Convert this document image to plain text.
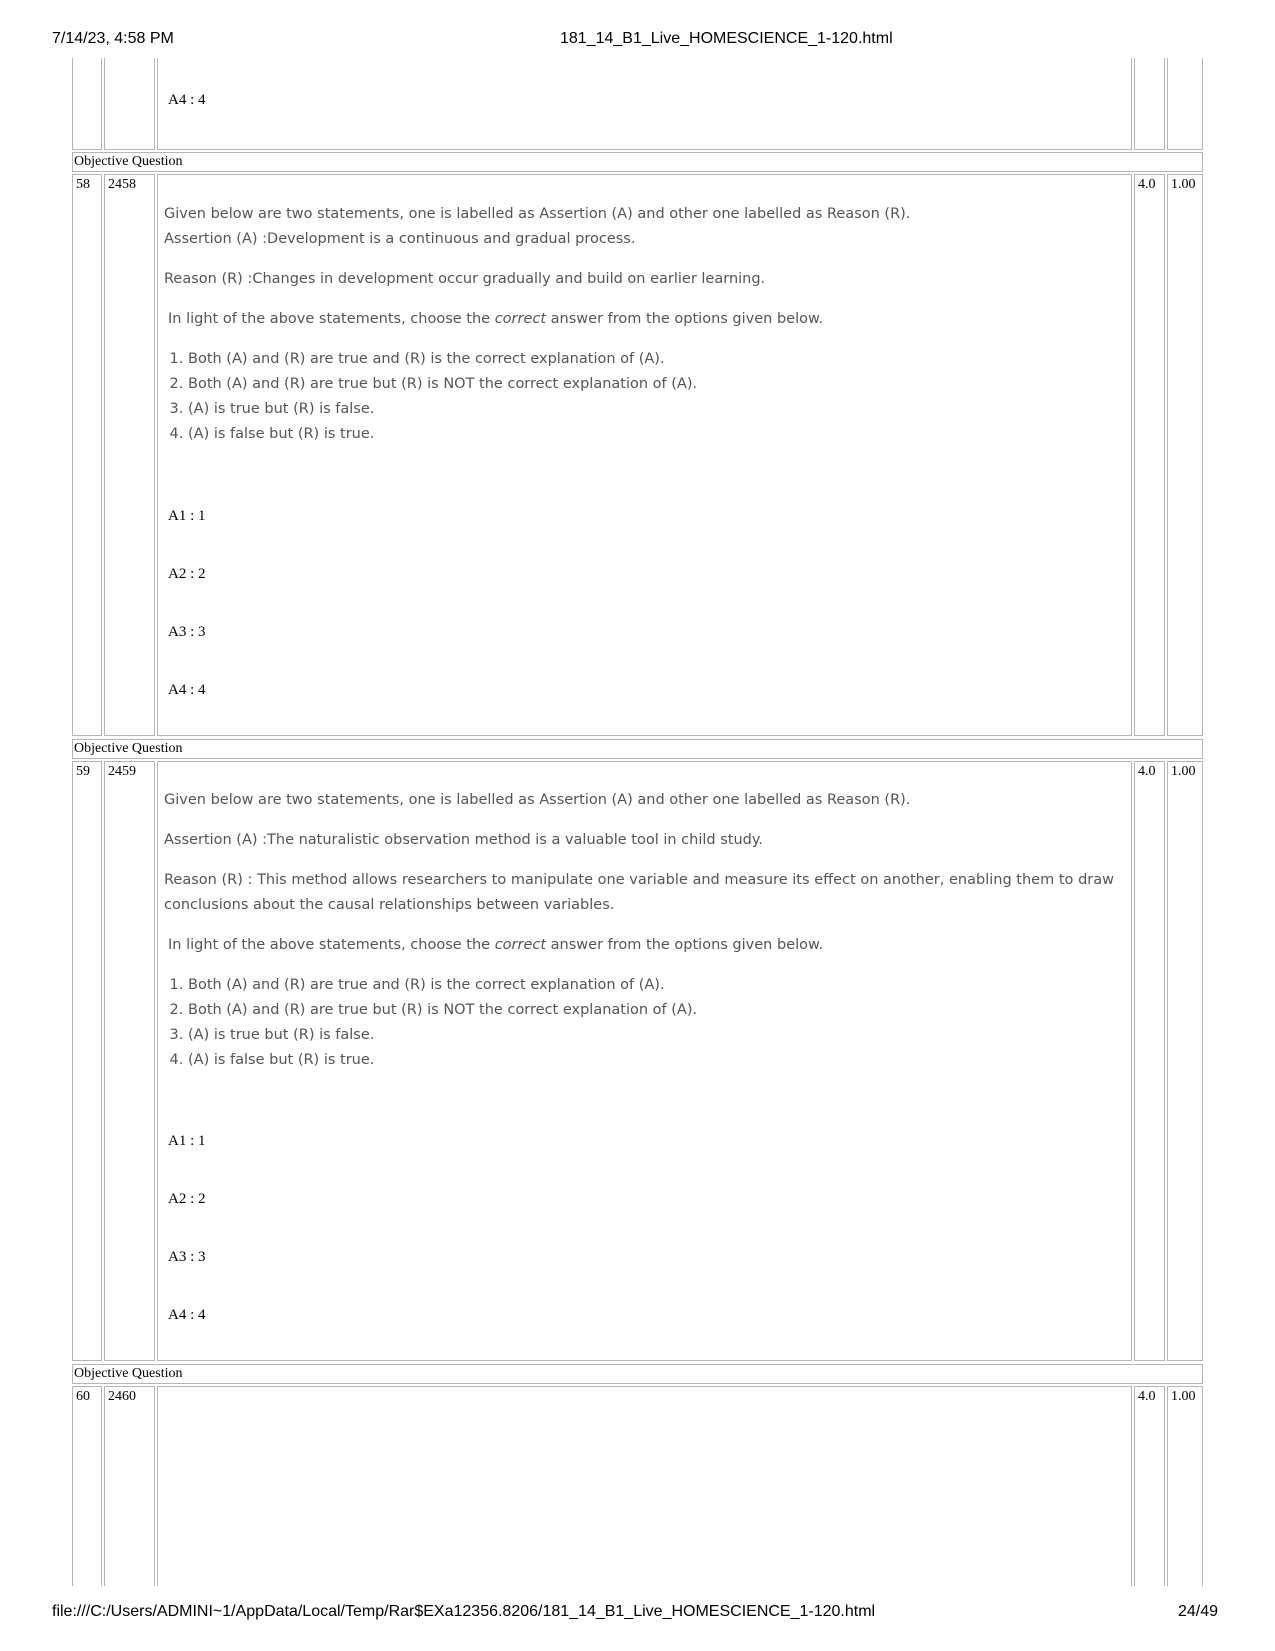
7/14/23, 4:58 PM	181_14_B1_Live_HOMESCIENCE_1-120.html
A4 : 4
Objective Question
58	2458	4.0	1.00

Given below are two statements, one is labelled as Assertion (A) and other one labelled as Reason (R).

Assertion (A) :Development is a continuous and gradual process.

Reason (R) :Changes in development occur gradually and build on earlier learning.

In light of the above statements, choose the correct answer from the options given below.

1. Both (A) and (R) are true and (R) is the correct explanation of (A).
2. Both (A) and (R) are true but (R) is NOT the correct explanation of (A).
3. (A) is true but (R) is false.
4. (A) is false but (R) is true.
A1 : 1
A2 : 2
A3 : 3
A4 : 4
Objective Question
59	2459	4.0	1.00

Given below are two statements, one is labelled as Assertion (A) and other one labelled as Reason (R).

Assertion (A) :The naturalistic observation method is a valuable tool in child study.

Reason (R) : This method allows researchers to manipulate one variable and measure its effect on another, enabling them to draw conclusions about the causal relationships between variables.

In light of the above statements, choose the correct answer from the options given below.

1. Both (A) and (R) are true and (R) is the correct explanation of (A).
2. Both (A) and (R) are true but (R) is NOT the correct explanation of (A).
3. (A) is true but (R) is false.
4. (A) is false but (R) is true.
A1 : 1
A2 : 2
A3 : 3
A4 : 4
Objective Question
60	2460	4.0	1.00
file:///C:/Users/ADMINI~1/AppData/Local/Temp/Rar$EXa12356.8206/181_14_B1_Live_HOMESCIENCE_1-120.html	24/49
